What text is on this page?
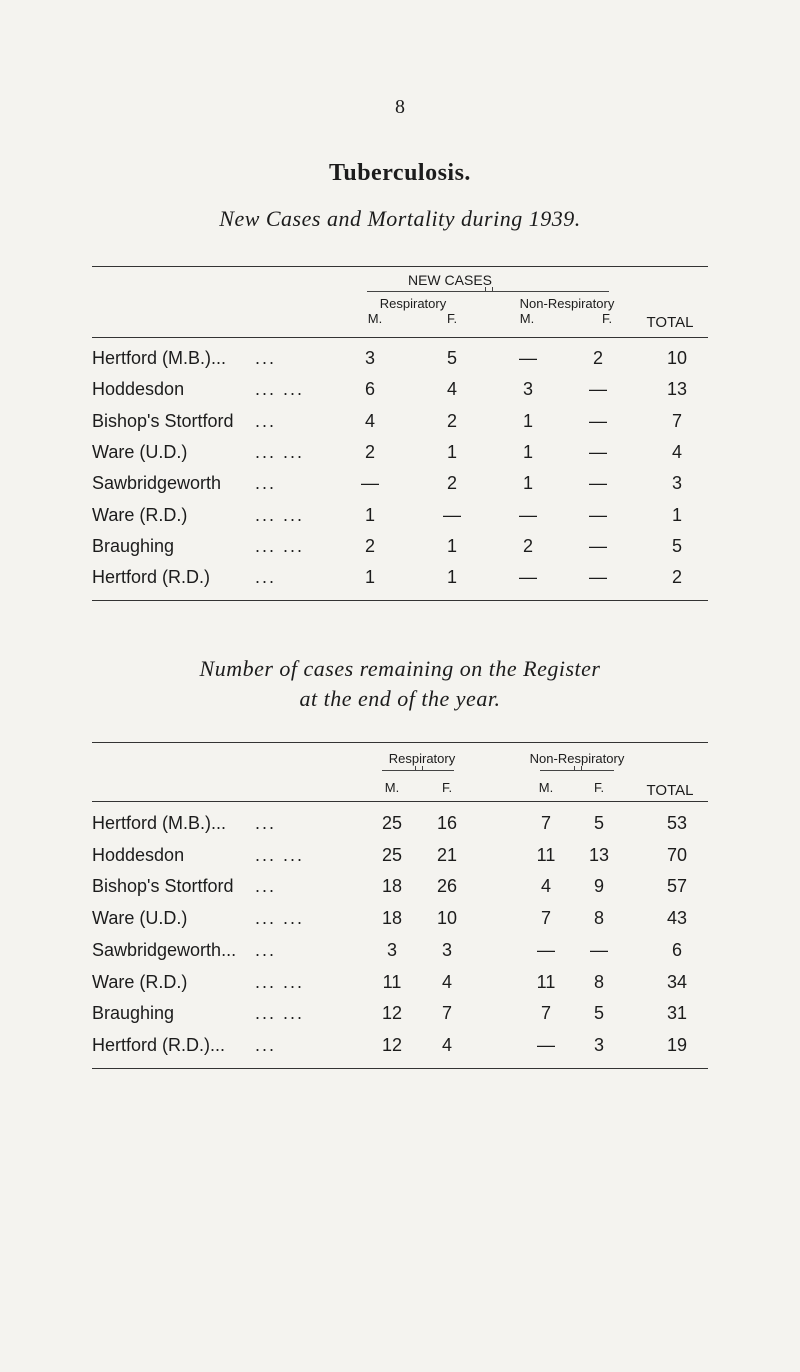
8
Tuberculosis.
New Cases and Mortality during 1939.
NEW CASES
Respiratory	Non-Respiratory
M.	F.	M.	F.	TOTAL
Hertford (M.B.)... ...	3	5	—	2	10
Hoddesdon	... ...	6	4	3	—	13
Bishop's Stortford ...	4	2	1	—	7
Ware (U.D.)	... ...	2	1	1	—	4
Sawbridgeworth ...	—	2	1	—	3
Ware (R.D.)	... ...	1	—	—	—	1
Braughing	... ...	2	1	2	—	5
Hertford (R.D.) ...	1	1	—	—	2
Number of cases remaining on the Register
at the end of the year.
Respiratory	Non-Respiratory
M.	F.	M.	F.	TOTAL
Hertford (M.B.)... ...	25	16	7	5	53
Hoddesdon	... ...	25	21	11	13	70
Bishop's Stortford ...	18	26	4	9	57
Ware (U.D.)	... ...	18	10	7	8	43
Sawbridgeworth... ...	3	3	—	—	6
Ware (R.D.)	... ...	11	4	11	8	34
Braughing	... ...	12	7	7	5	31
Hertford (R.D.)... ...	12	4	—	3	19
